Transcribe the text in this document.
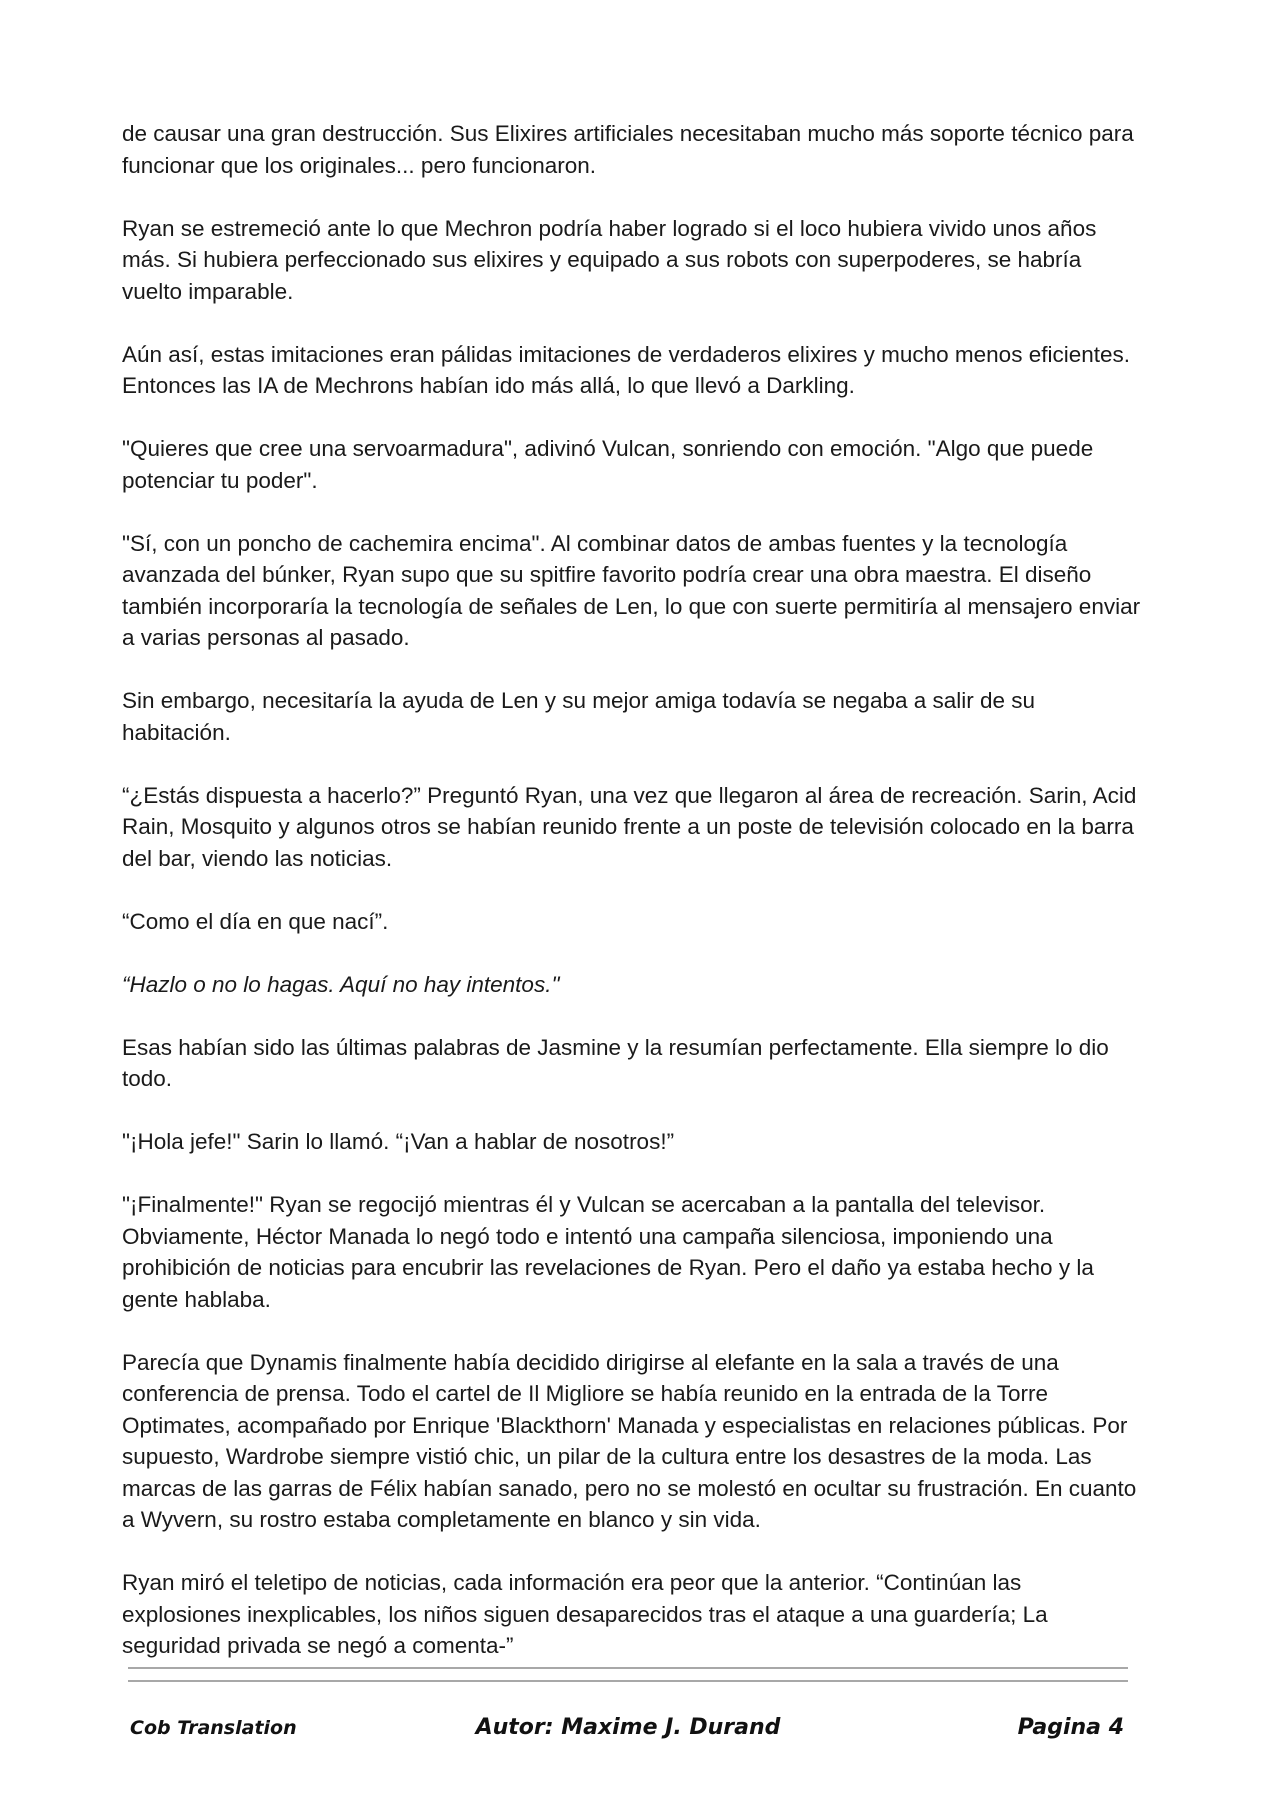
de causar una gran destrucción. Sus Elixires artificiales necesitaban mucho más soporte técnico para funcionar que los originales... pero funcionaron.

Ryan se estremeció ante lo que Mechron podría haber logrado si el loco hubiera vivido unos años más. Si hubiera perfeccionado sus elixires y equipado a sus robots con superpoderes, se habría vuelto imparable.

Aún así, estas imitaciones eran pálidas imitaciones de verdaderos elixires y mucho menos eficientes. Entonces las IA de Mechrons habían ido más allá, lo que llevó a Darkling.

"Quieres que cree una servoarmadura", adivinó Vulcan, sonriendo con emoción. "Algo que puede potenciar tu poder".

"Sí, con un poncho de cachemira encima". Al combinar datos de ambas fuentes y la tecnología avanzada del búnker, Ryan supo que su spitfire favorito podría crear una obra maestra. El diseño también incorporaría la tecnología de señales de Len, lo que con suerte permitiría al mensajero enviar a varias personas al pasado.

Sin embargo, necesitaría la ayuda de Len y su mejor amiga todavía se negaba a salir de su habitación.

“¿Estás dispuesta a hacerlo?” Preguntó Ryan, una vez que llegaron al área de recreación. Sarin, Acid Rain, Mosquito y algunos otros se habían reunido frente a un poste de televisión colocado en la barra del bar, viendo las noticias.

“Como el día en que nací”.

“Hazlo o no lo hagas. Aquí no hay intentos."

Esas habían sido las últimas palabras de Jasmine y la resumían perfectamente. Ella siempre lo dio todo.

"¡Hola jefe!" Sarin lo llamó. “¡Van a hablar de nosotros!”

"¡Finalmente!" Ryan se regocijó mientras él y Vulcan se acercaban a la pantalla del televisor. Obviamente, Héctor Manada lo negó todo e intentó una campaña silenciosa, imponiendo una prohibición de noticias para encubrir las revelaciones de Ryan. Pero el daño ya estaba hecho y la gente hablaba.

Parecía que Dynamis finalmente había decidido dirigirse al elefante en la sala a través de una conferencia de prensa. Todo el cartel de Il Migliore se había reunido en la entrada de la Torre Optimates, acompañado por Enrique 'Blackthorn' Manada y especialistas en relaciones públicas. Por supuesto, Wardrobe siempre vistió chic, un pilar de la cultura entre los desastres de la moda. Las marcas de las garras de Félix habían sanado, pero no se molestó en ocultar su frustración. En cuanto a Wyvern, su rostro estaba completamente en blanco y sin vida.

Ryan miró el teletipo de noticias, cada información era peor que la anterior. “Continúan las explosiones inexplicables, los niños siguen desaparecidos tras el ataque a una guardería; La seguridad privada se negó a comenta-”

Autor: Maxime J. Durand
Cob Translation	Pagina 4
